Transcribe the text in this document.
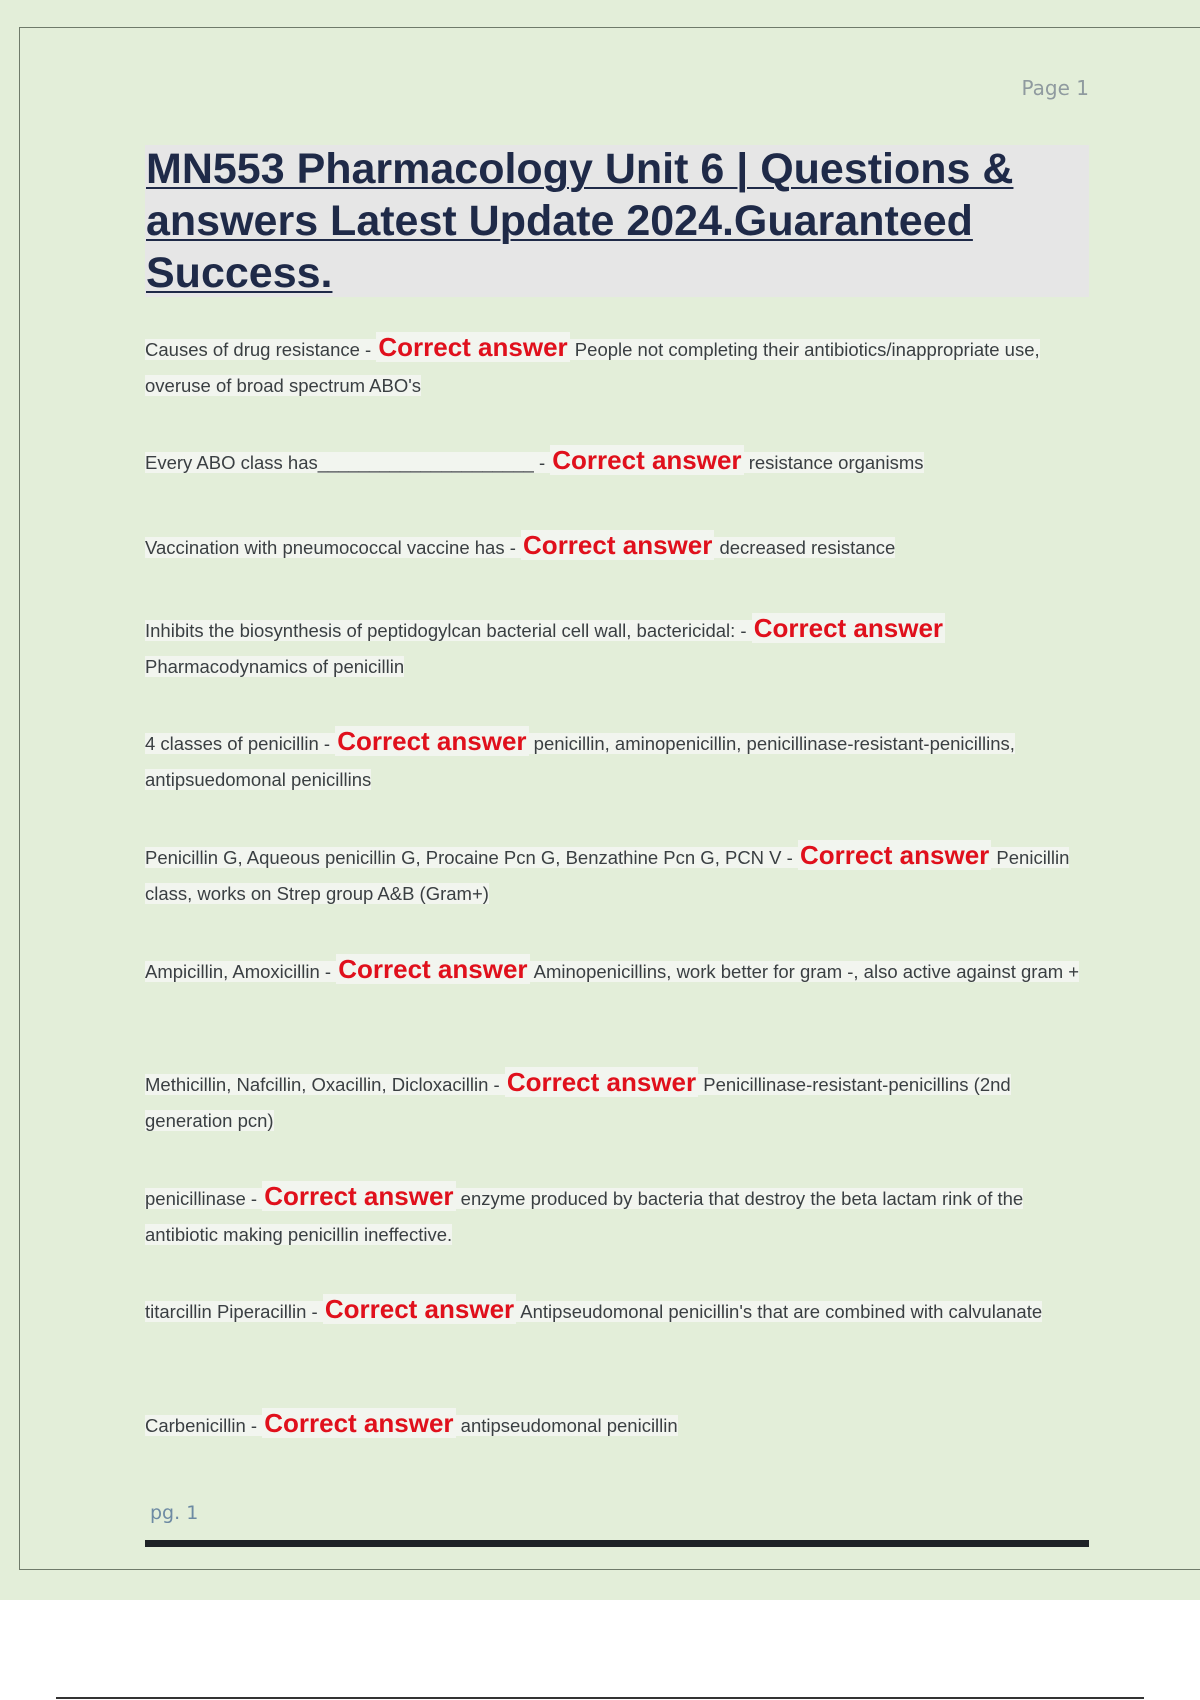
Page 1
MN553 Pharmacology Unit 6 | Questions & answers Latest Update 2024.Guaranteed Success.
Causes of drug resistance - Correct answer People not completing their antibiotics/inappropriate use, overuse of broad spectrum ABO's
Every ABO class has_____________________ - Correct answer resistance organisms
Vaccination with pneumococcal vaccine has - Correct answer decreased resistance
Inhibits the biosynthesis of peptidogylcan bacterial cell wall, bactericidal: - Correct answer Pharmacodynamics of penicillin
4 classes of penicillin - Correct answer penicillin, aminopenicillin, penicillinase-resistant-penicillins, antipsuedomonal penicillins
Penicillin G, Aqueous penicillin G, Procaine Pcn G, Benzathine Pcn G, PCN V - Correct answer Penicillin class, works on Strep group A&B (Gram+)
Ampicillin, Amoxicillin - Correct answer Aminopenicillins, work better for gram -, also active against gram +
Methicillin, Nafcillin, Oxacillin, Dicloxacillin - Correct answer Penicillinase-resistant-penicillins (2nd generation pcn)
penicillinase - Correct answer enzyme produced by bacteria that destroy the beta lactam rink of the antibiotic making penicillin ineffective.
titarcillin Piperacillin - Correct answer Antipseudomonal penicillin's that are combined with calvulanate
Carbenicillin - Correct answer antipseudomonal penicillin
pg. 1
